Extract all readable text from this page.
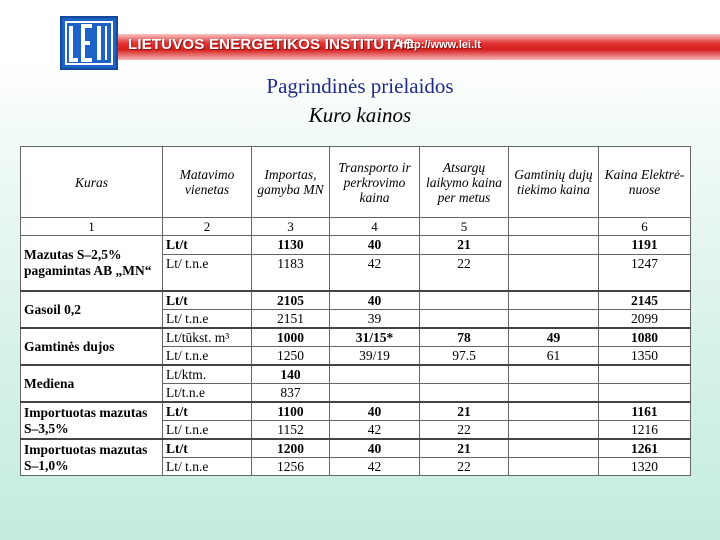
LIETUVOS ENERGETIKOS INSTITUTAS
http://www.lei.lt
Pagrindinės prielaidos
Kuro kainos
Kuras	Matavimo vienetas	Importas, gamyba MN	Transporto ir perkrovimo kaina	Atsargų laikymo kaina per metus	Gamtinių dujų tiekimo kaina	Kaina Elektrė-nuose
1	2	3	4	5		6
Mazutas S–2,5% pagamintas AB „MN“	Lt/t	1130	40	21		1191
	Lt/ t.n.e	1183	42	22		1247
Gasoil 0,2	Lt/t	2105	40			2145
	Lt/ t.n.e	2151	39			2099
Gamtinės dujos	Lt/tūkst. m³	1000	31/15*	78	49	1080
	Lt/ t.n.e	1250	39/19	97.5	61	1350
Mediena	Lt/ktm.	140				
	Lt/t.n.e	837				
Importuotas mazutas S–3,5%	Lt/t	1100	40	21		1161
	Lt/ t.n.e	1152	42	22		1216
Importuotas mazutas S–1,0%	Lt/t	1200	40	21		1261
	Lt/ t.n.e	1256	42	22		1320
